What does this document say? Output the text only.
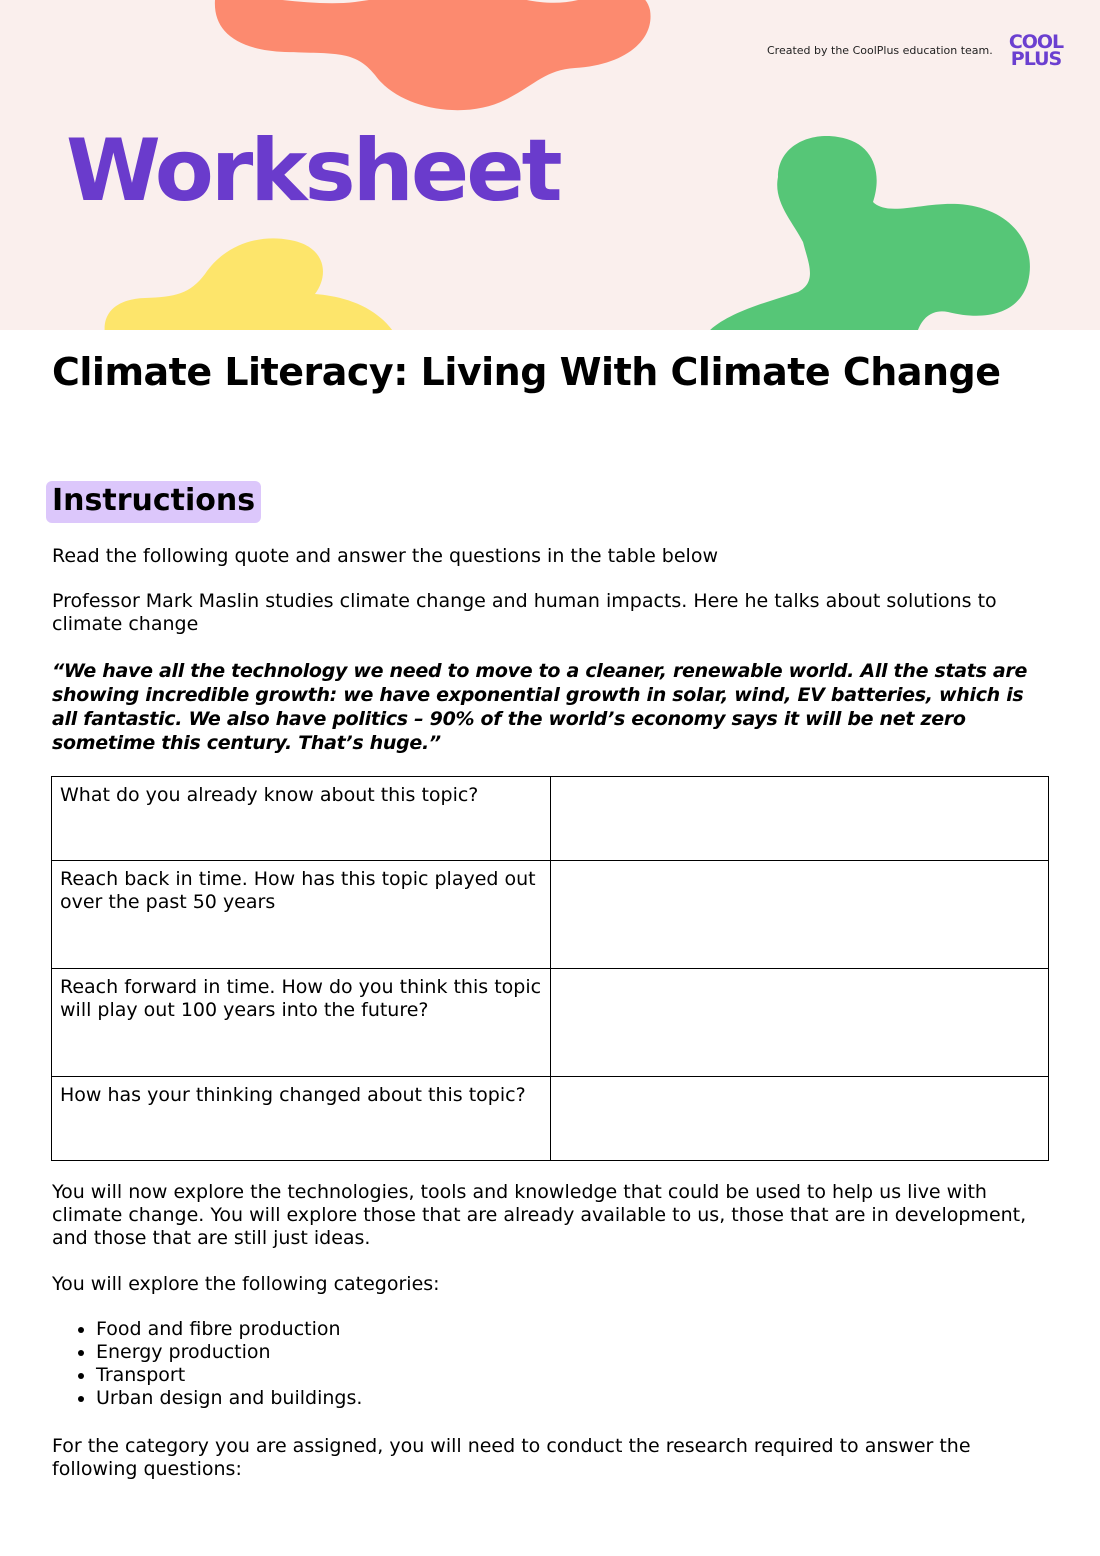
Created by the CoolPlus education team. COOL
PLUS
Worksheet
Climate Literacy: Living With Climate Change
Instructions

Read the following quote and answer the questions in the table below

Professor Mark Maslin studies climate change and human impacts. Here he talks about solutions to climate change

“We have all the technology we need to move to a cleaner, renewable world. All the stats are showing incredible growth: we have exponential growth in solar, wind, EV batteries, which is all fantastic. We also have politics – 90% of the world’s economy says it will be net zero sometime this century. That’s huge.”

What do you already know about this topic?	
Reach back in time. How has this topic played out over the past 50 years	
Reach forward in time. How do you think this topic will play out 100 years into the future?	
How has your thinking changed about this topic?	

You will now explore the technologies, tools and knowledge that could be used to help us live with climate change. You will explore those that are already available to us, those that are in development, and those that are still just ideas.

You will explore the following categories:

• Food and fibre production
• Energy production
• Transport
• Urban design and buildings.

For the category you are assigned, you will need to conduct the research required to answer the following questions:
